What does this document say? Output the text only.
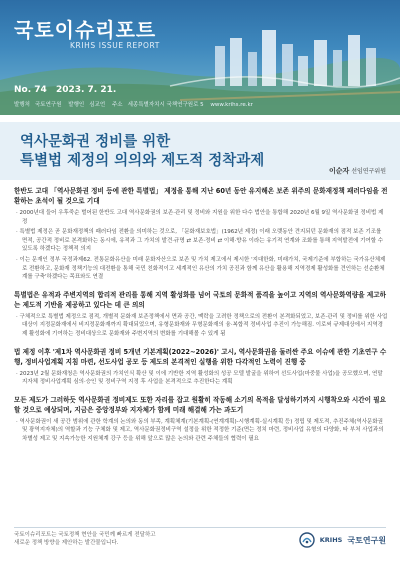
국토이슈리포트
KRIHS ISSUE REPORT
No. 74 2023. 7. 21.
발행처 국토연구원 발행인 심교언 주소 세종특별자치시 국책연구원로 5 www.krihs.re.kr
역사문화권 정비를 위한
특별법 제정의 의의와 제도적 정착과제
이순자 선임연구위원

한반도 고대 「역사문화권 정비 등에 관한 특별법」 제정을 통해 지난 60년 동안 유지해온 보존 위주의 문화재정책 패러다임을 전환하는 초석이 될 것으로 기대

· 2000년대 들어 우후죽순 벌어된 한반도 고대 역사문화권의 보존·관리 및 정비와 지원을 위한 다수 법안을 통합해 2020년 6월 9일 역사문화권 정비법 제정

· 특별법 제정은 곧 문화재정책의 패러다임 전환을 의미하는 것으로, 「문화재보호법」(1962년 제정) 이래 오랫동안 견지되던 문화재의 점적 보존 기조를 면적, 공간적 정비로 본격화하는 동시에, 유적과 그 가치의 발견·규명 ⇄ 보존·정비 ⇄ 이해·향유 이라는 유기적 연계와 조화를 통해 지역발전에 기여할 수 있도록 하겠다는 정책적 의지

· 이는 문재인 정부 국정과제62. 전통문화유산을 미래 문화자산으로 보존 및 가치 제고에서 제시한 '지대한화, 미래가치, 국제기준에 부합하는 국가유산체제로 전환하고, 문화재 정책기능의 대전환을 통해 국민 친화적이고 세계적인 유산의 가치 공진과 함께 유산을 활용해 지역경제 활성화를 견인하는 선순환체계를 구축'하겠다는 목표와도 연결

특별법은 유적과 주변지역의 합리적 관리를 통해 지역 활성화를 넘어 국토의 문화적 품격을 높이고 지역의 역사문화역량을 제고하는 제도적 기반을 제공하고 있다는 데 큰 의의

· 구체적으로 특별법 제정으로 점적, 개별적 문화재 보존정책에서 면과 공간, 맥락을 고려한 정책으로의 전환이 본격화되었고, 보존·관리 및 정비를 위한 사업대상이 지정문화재에서 비지정문화재까지 확대되었으며, 유형문화재와 무형문화재의 융·복합적 정비사업 추진이 가능해짐. 이로써 규제대상에서 지역경제 활성화에 기여하는 정비대상으로 문화재와 주변지역의 변화를 기대해볼 수 있게 됨

법 제정 이후 '제1차 역사문화권 정비 5개년 기본계획(2022~2026)' 고시, 역사문화권을 둘러싼 주요 이슈에 관한 기초연구 수행, 정비사업계획 지침 마련, 선도사업 공모 등 제도의 본격적인 실행을 위한 다각적인 노력이 진행 중

· 2023년 2월 문화재청은 역사문화권의 가치인식 확산 및 이에 기반한 지역 활성화의 성공 모델 발굴을 위하여 선도사업(마중물 사업)을 공모했으며, 연말 지자체 정비사업계획 심의·승인 및 정비구역 지정 후 사업을 본격적으로 추진한다는 계획

모든 제도가 그러하듯 역사문화권 정비제도 또한 자리를 잡고 원활히 작동해 소기의 목적을 달성하기까지 시행착오와 시간이 필요할 것으로 예상되며, 지금은 중앙정부와 지자체가 함께 미래 해결해 가는 과도기

· 역사문화권이 새 공간 범위에 관한 학계의 논의와 동의 부족, 계획체계(기본계획-(연계계획)-시행계획-실시계획 등) 정립 및 제도적, 추진주체(역사문화권 및 광역지자체)의 역할과 기능 구체화 및 제고, 역사문화권정비구역 설정을 위한 적정한 기준(면는 정치 마련, 정비사업 유형의 다양화, 타 부처 사업과의 차별성 제고 및 지속가능한 지원체계 강구 등을 위해 앞으로 많은 논의와 관련 주체들의 협력이 필요

국토이슈리포트는 국토정책 현안을 국민께 빠르게 전달하고
새로운 정책 방향을 제안하는 발간물입니다.	KRIHS 국토연구원
